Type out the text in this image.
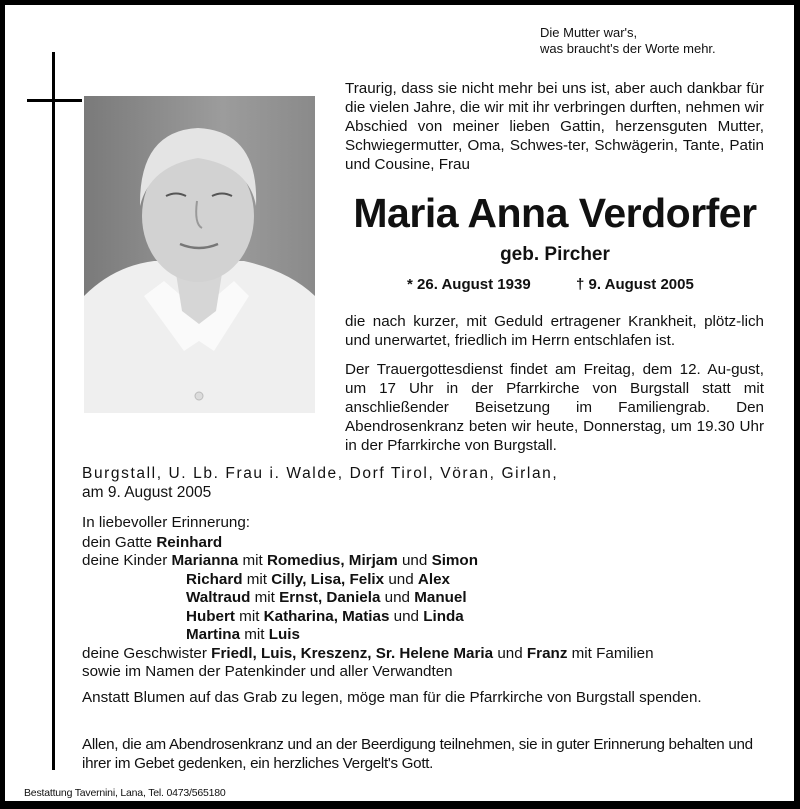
Die Mutter war's,
was braucht's der Worte mehr.
Traurig, dass sie nicht mehr bei uns ist, aber auch dankbar für die vielen Jahre, die wir mit ihr verbringen durften, nehmen wir Abschied von meiner lieben Gattin, herzensguten Mutter, Schwiegermutter, Oma, Schwes-ter, Schwägerin, Tante, Patin und Cousine, Frau
Maria Anna Verdorfer
geb. Pircher
* 26. August 1939	† 9. August 2005
die nach kurzer, mit Geduld ertragener Krankheit, plötz-lich und unerwartet, friedlich im Herrn entschlafen ist.
Der Trauergottesdienst findet am Freitag, dem 12. Au-gust, um 17 Uhr in der Pfarrkirche von Burgstall statt mit anschließender Beisetzung im Familiengrab. Den Abendrosenkranz beten wir heute, Donnerstag, um 19.30 Uhr in der Pfarrkirche von Burgstall.
Burgstall, U. Lb. Frau i. Walde, Dorf Tirol, Vöran, Girlan,
am 9. August 2005
In liebevoller Erinnerung:
dein Gatte Reinhard
deine Kinder Marianna mit Romedius, Mirjam und Simon
Richard mit Cilly, Lisa, Felix und Alex
Waltraud mit Ernst, Daniela und Manuel
Hubert mit Katharina, Matias und Linda
Martina mit Luis
deine Geschwister Friedl, Luis, Kreszenz, Sr. Helene Maria und Franz mit Familien
sowie im Namen der Patenkinder und aller Verwandten
Anstatt Blumen auf das Grab zu legen, möge man für die Pfarrkirche von Burgstall spenden.
Allen, die am Abendrosenkranz und an der Beerdigung teilnehmen, sie in guter Erinnerung behalten und ihrer im Gebet gedenken, ein herzliches Vergelt's Gott.
Bestattung Tavernini, Lana, Tel. 0473/565180
